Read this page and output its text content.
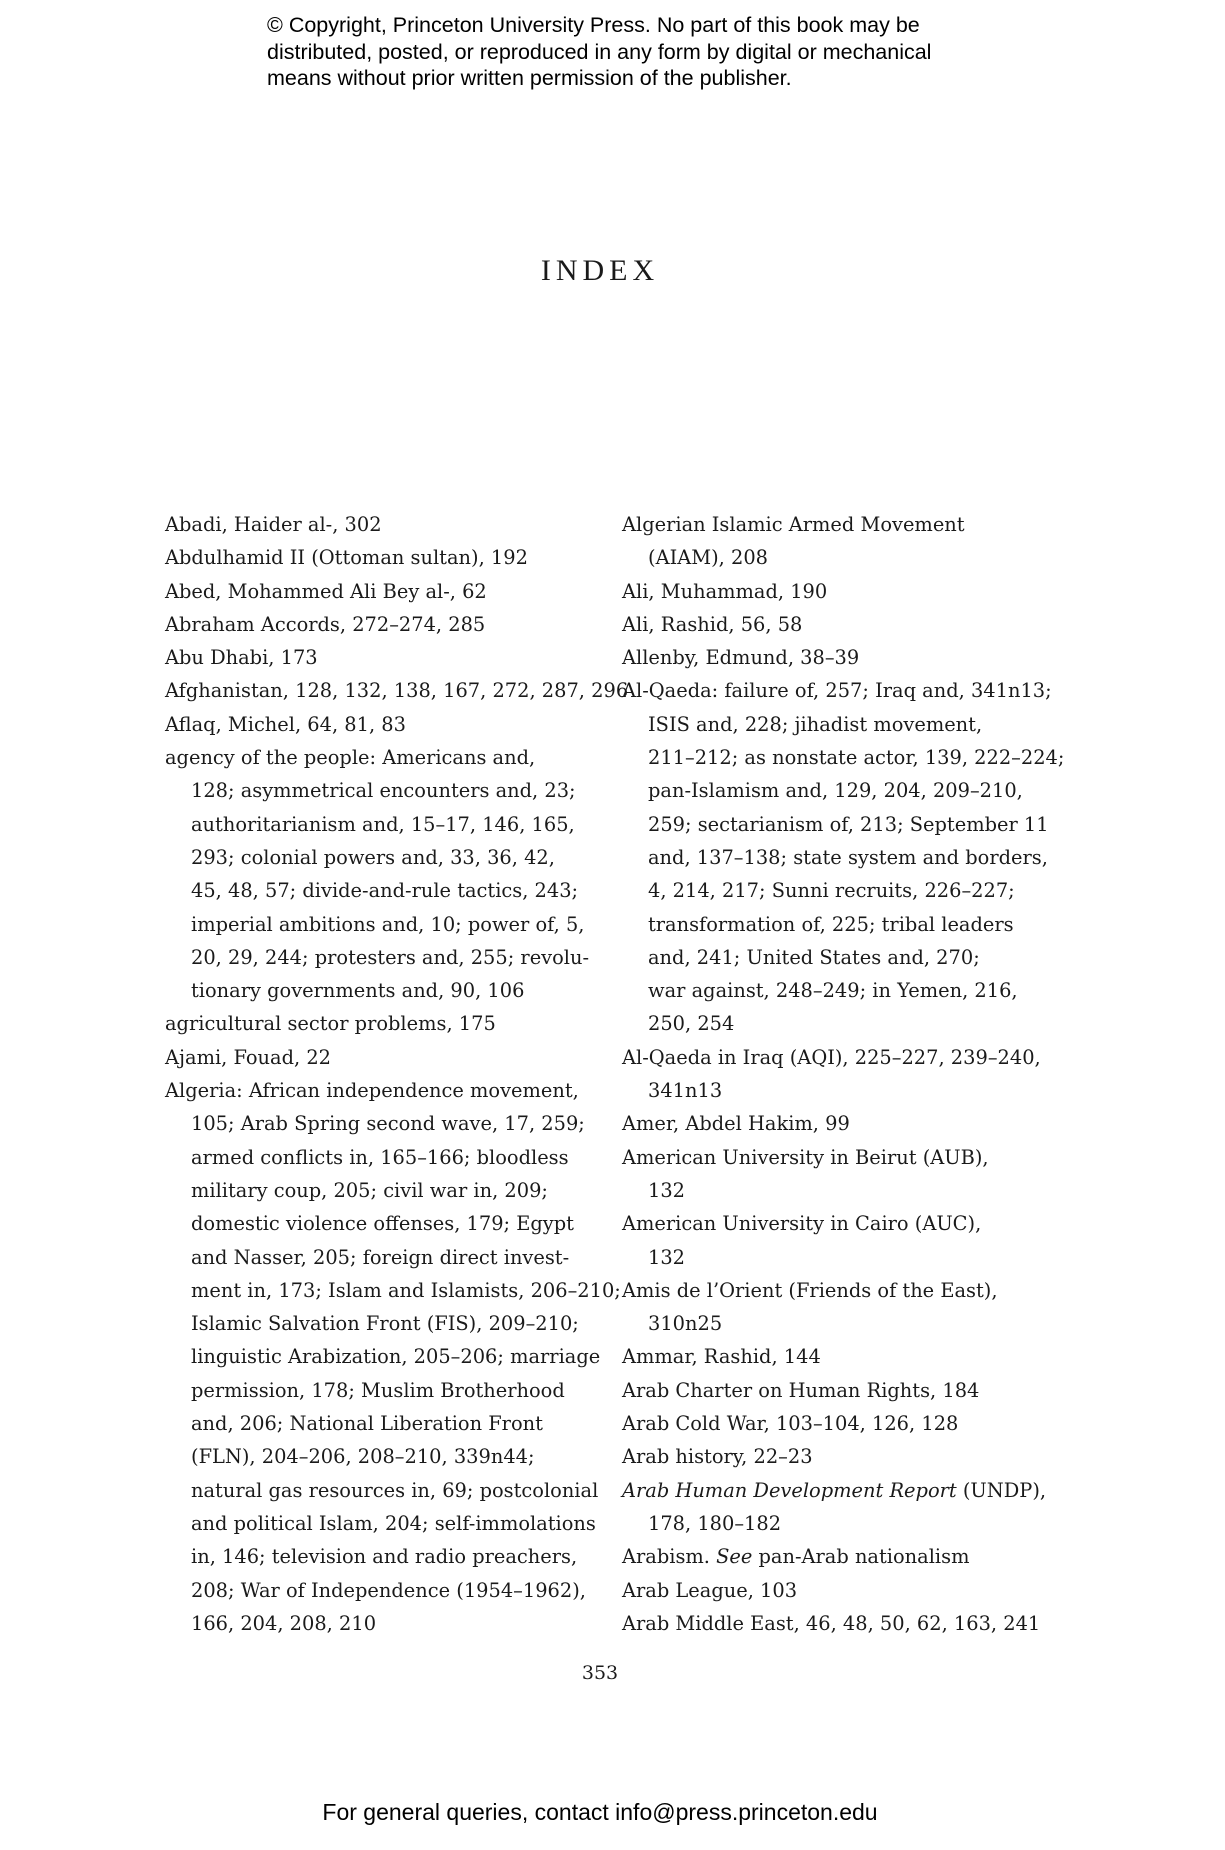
© Copyright, Princeton University Press. No part of this book may be
distributed, posted, or reproduced in any form by digital or mechanical
means without prior written permission of the publisher.
INDEX
Abadi, Haider al-, 302
Abdulhamid II (Ottoman sultan), 192
Abed, Mohammed Ali Bey al-, 62
Abraham Accords, 272–274, 285
Abu Dhabi, 173
Afghanistan, 128, 132, 138, 167, 272, 287, 296
Aflaq, Michel, 64, 81, 83
agency of the people: Americans and,
128; asymmetrical encounters and, 23;
authoritarianism and, 15–17, 146, 165,
293; colonial powers and, 33, 36, 42,
45, 48, 57; divide-and-rule tactics, 243;
imperial ambitions and, 10; power of, 5,
20, 29, 244; protesters and, 255; revolu-
tionary governments and, 90, 106
agricultural sector problems, 175
Ajami, Fouad, 22
Algeria: African independence movement,
105; Arab Spring second wave, 17, 259;
armed conflicts in, 165–166; bloodless
military coup, 205; civil war in, 209;
domestic violence offenses, 179; Egypt
and Nasser, 205; foreign direct invest-
ment in, 173; Islam and Islamists, 206–210;
Islamic Salvation Front (FIS), 209–210;
linguistic Arabization, 205–206; marriage
permission, 178; Muslim Brotherhood
and, 206; National Liberation Front
(FLN), 204–206, 208–210, 339n44;
natural gas resources in, 69; postcolonial
and political Islam, 204; self-immolations
in, 146; television and radio preachers,
208; War of Independence (1954–1962),
166, 204, 208, 210
Algerian Islamic Armed Movement
(AIAM), 208
Ali, Muhammad, 190
Ali, Rashid, 56, 58
Allenby, Edmund, 38–39
Al-Qaeda: failure of, 257; Iraq and, 341n13;
ISIS and, 228; jihadist movement,
211–212; as nonstate actor, 139, 222–224;
pan-Islamism and, 129, 204, 209–210,
259; sectarianism of, 213; September 11
and, 137–138; state system and borders,
4, 214, 217; Sunni recruits, 226–227;
transformation of, 225; tribal leaders
and, 241; United States and, 270;
war against, 248–249; in Yemen, 216,
250, 254
Al-Qaeda in Iraq (AQI), 225–227, 239–240,
341n13
Amer, Abdel Hakim, 99
American University in Beirut (AUB),
132
American University in Cairo (AUC),
132
Amis de l’Orient (Friends of the East),
310n25
Ammar, Rashid, 144
Arab Charter on Human Rights, 184
Arab Cold War, 103–104, 126, 128
Arab history, 22–23
Arab Human Development Report (UNDP),
178, 180–182
Arabism. See pan-Arab nationalism
Arab League, 103
Arab Middle East, 46, 48, 50, 62, 163, 241
353
For general queries, contact info@press.princeton.edu
